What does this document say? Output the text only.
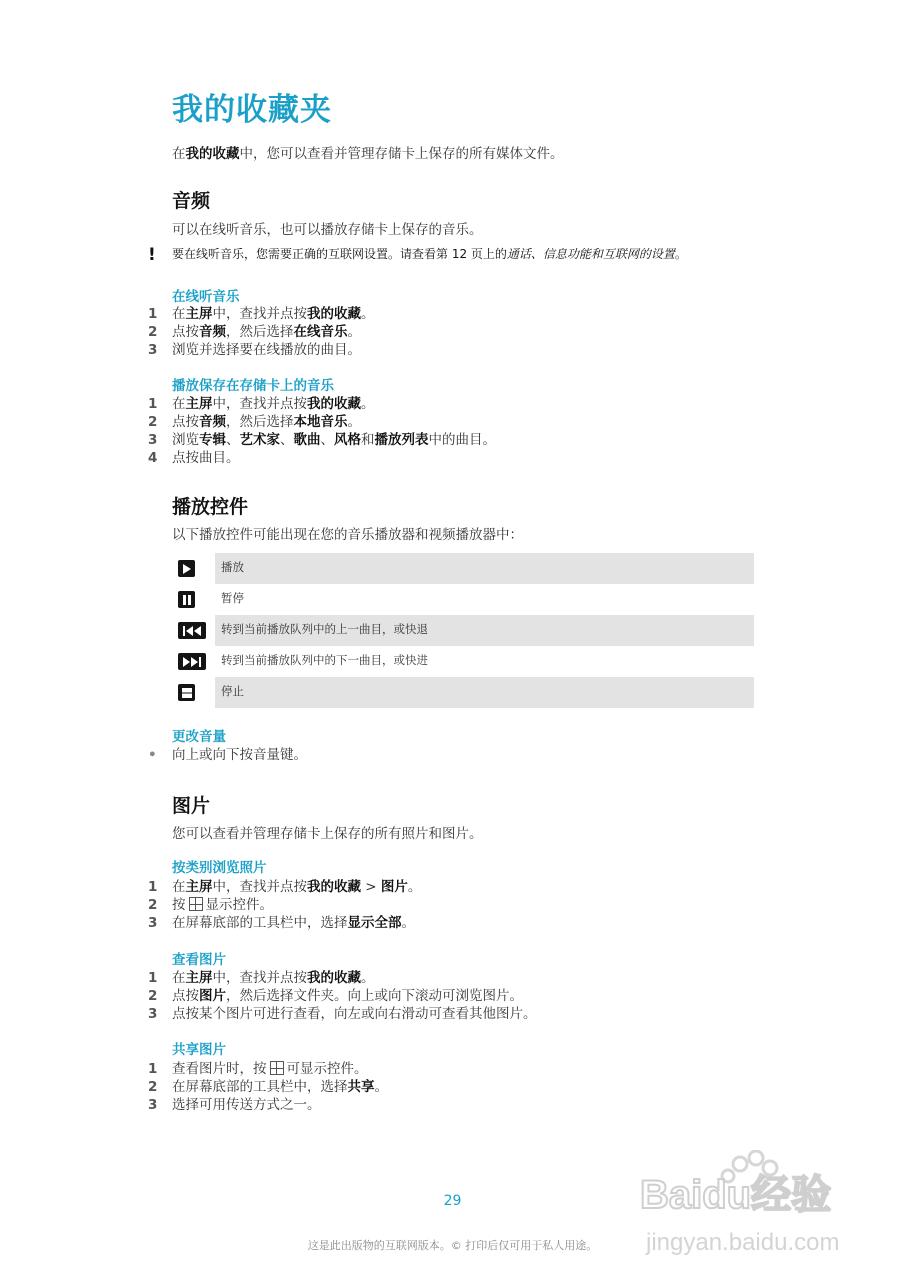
我的收藏夹
在我的收藏中，您可以查看并管理存储卡上保存的所有媒体文件。
音频
可以在线听音乐，也可以播放存储卡上保存的音乐。
! 要在线听音乐，您需要正确的互联网设置。请查看第 12 页上的通话、信息功能和互联网的设置。
在线听音乐
1 在主屏中，查找并点按我的收藏。
2 点按音频，然后选择在线音乐。
3 浏览并选择要在线播放的曲目。
播放保存在存储卡上的音乐
1 在主屏中，查找并点按我的收藏。
2 点按音频，然后选择本地音乐。
3 浏览专辑、艺术家、歌曲、风格和播放列表中的曲目。
4 点按曲目。
播放控件
以下播放控件可能出现在您的音乐播放器和视频播放器中：
播放
暂停
转到当前播放队列中的上一曲目，或快退
转到当前播放队列中的下一曲目，或快进
停止
更改音量
• 向上或向下按音量键。
图片
您可以查看并管理存储卡上保存的所有照片和图片。
按类别浏览照片
1 在主屏中，查找并点按我的收藏 > 图片。
2 按 显示控件。
3 在屏幕底部的工具栏中，选择显示全部。
查看图片
1 在主屏中，查找并点按我的收藏。
2 点按图片，然后选择文件夹。向上或向下滚动可浏览图片。
3 点按某个图片可进行查看，向左或向右滑动可查看其他图片。
共享图片
1 查看图片时，按 可显示控件。
2 在屏幕底部的工具栏中，选择共享。
3 选择可用传送方式之一。
29
这是此出版物的互联网版本。© 打印后仅可用于私人用途。
Baidu经验
jingyan.baidu.com
